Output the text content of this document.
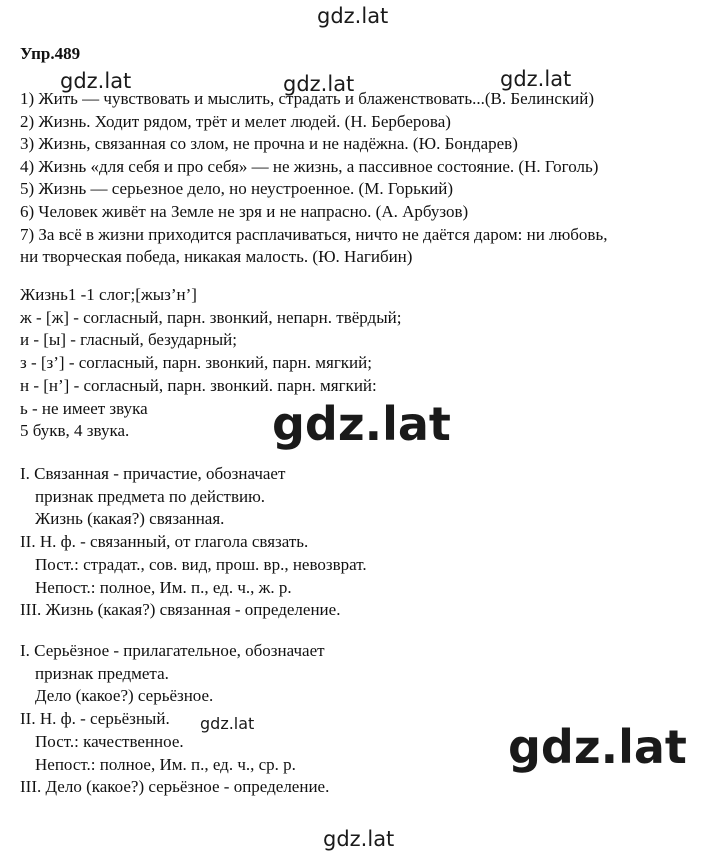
gdz.lat

gdz.lat	gdz.lat	gdz.lat

gdz.lat

gdz.lat	gdz.lat

gdz.lat

Упр.489
1) Жить — чувствовать и мыслить, страдать и блаженствовать...(В. Белинский)
2) Жизнь. Ходит рядом, трёт и мелет людей. (Н. Берберова)
3) Жизнь, связанная со злом, не прочна и не надёжна. (Ю. Бондарев)
4) Жизнь «для себя и про себя» — не жизнь, а пассивное состояние. (Н. Гоголь)
5) Жизнь — серьезное дело, но неустроенное. (М. Горький)
6) Человек живёт на Земле не зря и не напрасно. (А. Арбузов)
7) За всё в жизни приходится расплачиваться, ничто не даётся даром: ни любовь,
ни творческая победа, никакая малость. (Ю. Нагибин)

Жизнь1 -1 слог;[жыз’н’]

ж - [ж] - согласный, парн. звонкий, непарн. твёрдый;

и - [ы] - гласный, безударный;

з - [з’] - согласный, парн. звонкий, парн. мягкий;

н - [н’] - согласный, парн. звонкий. парн. мягкий:

ь - не имеет звука

5 букв, 4 звука.

I. Связанная - причастие, обозначает

признак предмета по действию.

Жизнь (какая?) связанная.

II. Н. ф. - связанный, от глагола связать.

Пост.: страдат., сов. вид, прош. вр., невозврат.

Непост.: полное, Им. п., ед. ч., ж. р.

III. Жизнь (какая?) связанная - определение.

I. Серьёзное - прилагательное, обозначает

признак предмета.

Дело (какое?) серьёзное.

II. Н. ф. - серьёзный.

Пост.: качественное.

Непост.: полное, Им. п., ед. ч., ср. р.

III. Дело (какое?) серьёзное - определение.
